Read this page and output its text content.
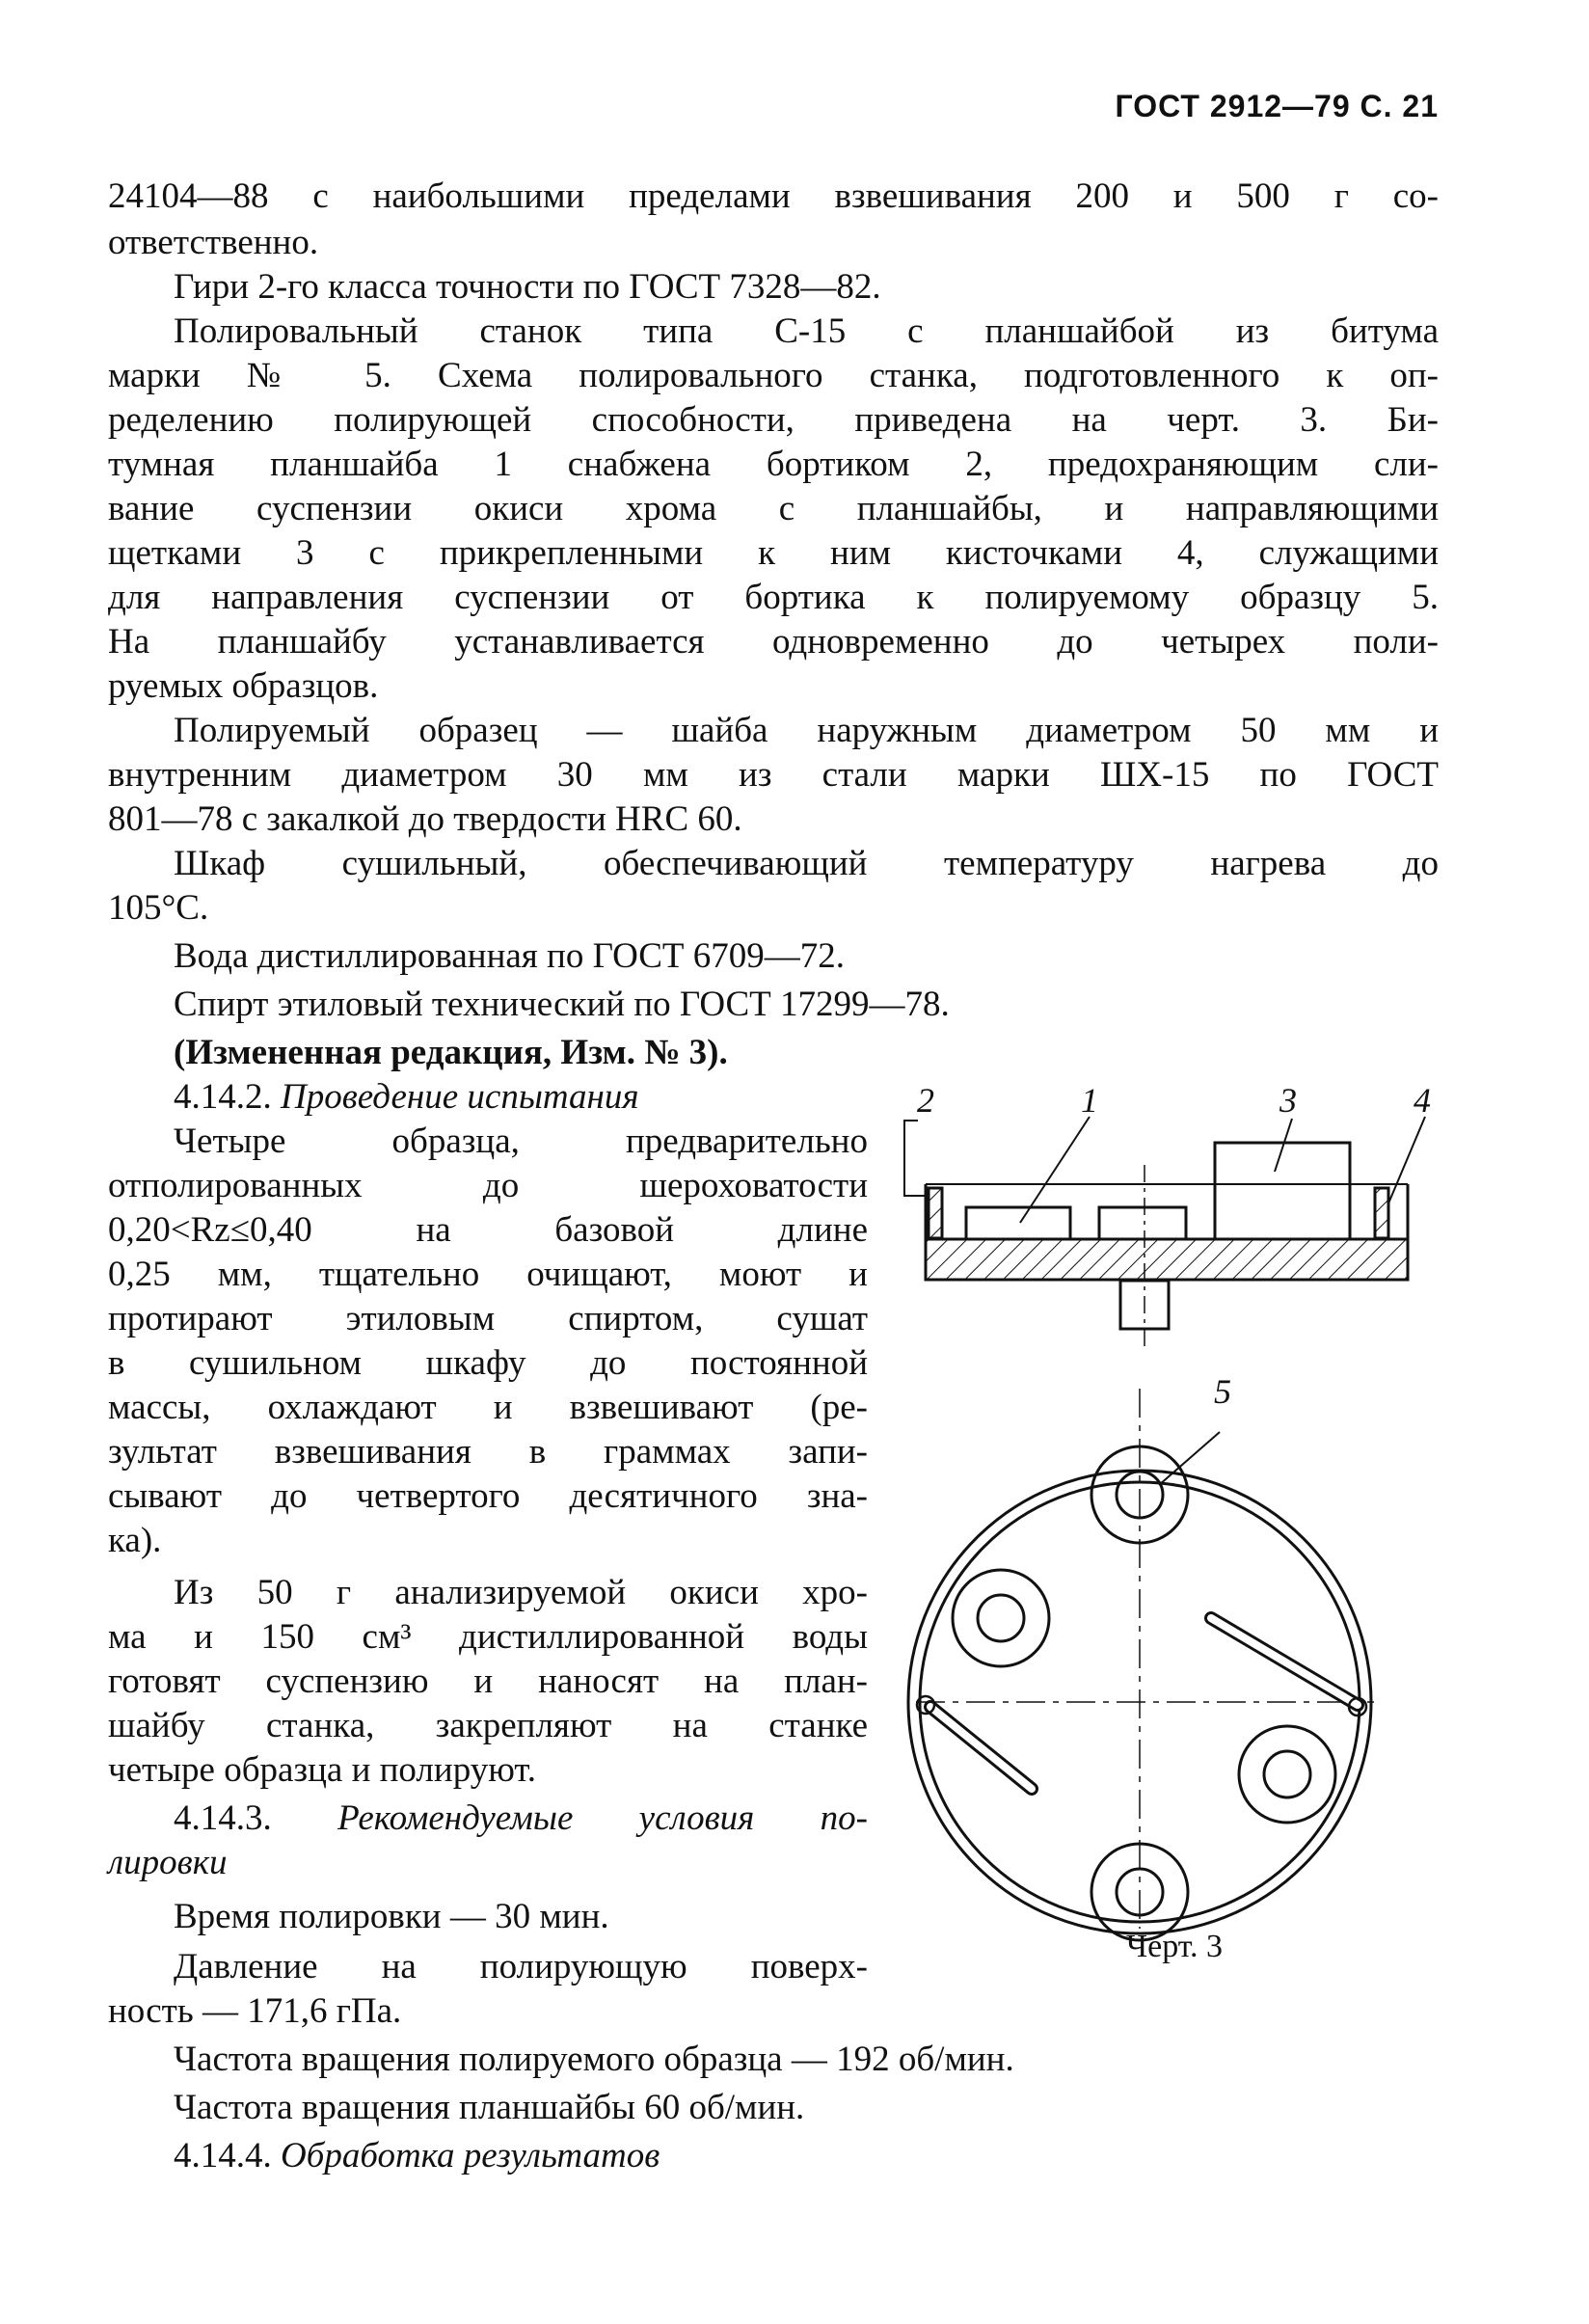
ГОСТ 2912—79 С. 21
24104—88 с наибольшими пределами взвешивания 200 и 500 г со-
ответственно.
Гири 2-го класса точности по ГОСТ 7328—82.
Полировальный станок типа С-15 с планшайбой из битума
марки № 5. Схема полировального станка, подготовленного к оп-
ределению полирующей способности, приведена на черт. 3. Би-
тумная планшайба 1 снабжена бортиком 2, предохраняющим сли-
вание суспензии окиси хрома с планшайбы, и направляющими
щетками 3 с прикрепленными к ним кисточками 4, служащими
для направления суспензии от бортика к полируемому образцу 5.
На планшайбу устанавливается одновременно до четырех поли-
руемых образцов.
Полируемый образец — шайба наружным диаметром 50 мм и
внутренним диаметром 30 мм из стали марки ШХ-15 по ГОСТ
801—78 с закалкой до твердости HRC 60.
Шкаф сушильный, обеспечивающий температуру нагрева до
105°С.
Вода дистиллированная по ГОСТ 6709—72.
Спирт этиловый технический по ГОСТ 17299—78.
(Измененная редакция, Изм. № 3).
4.14.2. Проведение испытания
Четыре образца, предварительно
отполированных до шероховатости
0,20<Rz≤0,40 на базовой длине
0,25 мм, тщательно очищают, моют и
протирают этиловым спиртом, сушат
в сушильном шкафу до постоянной
массы, охлаждают и взвешивают (ре-
зультат взвешивания в граммах запи-
сывают до четвертого десятичного зна-
ка).
Из 50 г анализируемой окиси хро-
ма и 150 см³ дистиллированной воды
готовят суспензию и наносят на план-
шайбу станка, закрепляют на станке
четыре образца и полируют.
4.14.3. Рекомендуемые условия по-
лировки
Время полировки — 30 мин.
Давление на полирующую поверх-
ность — 171,6 гПа.
Частота вращения полируемого образца — 192 об/мин.
Частота вращения планшайбы 60 об/мин.
4.14.4. Обработка результатов
2	1	3	4
5
Черт. 3
